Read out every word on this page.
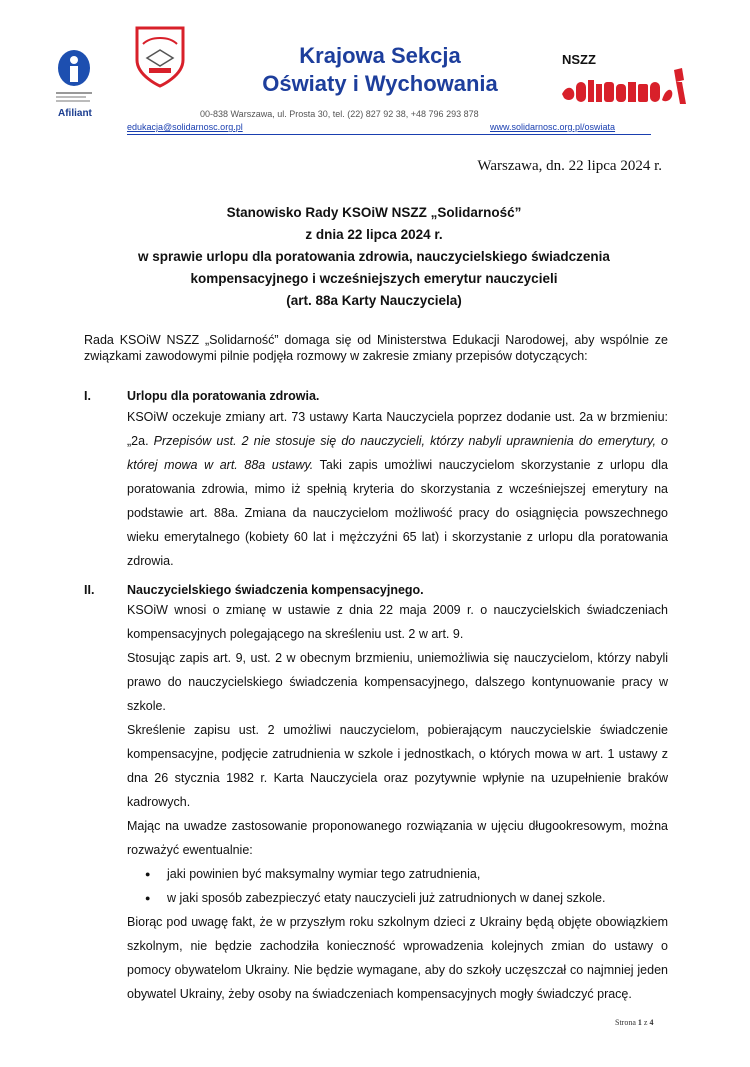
Afiliant
Krajowa Sekcja
Oświaty i Wychowania
NSZZ
00-838 Warszawa, ul. Prosta 30, tel. (22) 827 92 38, +48 796 293 878
edukacja@solidarnosc.org.pl	www.solidarnosc.org.pl/oswiata
Warszawa, dn. 22 lipca 2024 r.
Stanowisko Rady KSOiW NSZZ „Solidarność”
z dnia 22 lipca 2024 r.
w sprawie urlopu dla poratowania zdrowia, nauczycielskiego świadczenia
kompensacyjnego i wcześniejszych emerytur nauczycieli
(art. 88a Karty Nauczyciela)
Rada KSOiW NSZZ „Solidarność” domaga się od Ministerstwa Edukacji Narodowej, aby wspólnie ze związkami zawodowymi pilnie podjęła rozmowy w zakresie zmiany przepisów dotyczących:
I.	Urlopu dla poratowania zdrowia.
KSOiW oczekuje zmiany art. 73 ustawy Karta Nauczyciela poprzez dodanie ust. 2a w brzmieniu: „2a. Przepisów ust. 2 nie stosuje się do nauczycieli, którzy nabyli uprawnienia do emerytury, o której mowa w art. 88a ustawy. Taki zapis umożliwi nauczycielom skorzystanie z urlopu dla poratowania zdrowia, mimo iż spełnią kryteria do skorzystania z wcześniejszej emerytury na podstawie art. 88a. Zmiana da nauczycielom możliwość pracy do osiągnięcia powszechnego wieku emerytalnego (kobiety 60 lat i mężczyźni 65 lat) i skorzystanie z urlopu dla poratowania zdrowia.
II.	Nauczycielskiego świadczenia kompensacyjnego.

KSOiW wnosi o zmianę w ustawie z dnia 22 maja 2009 r. o nauczycielskich świadczeniach kompensacyjnych polegającego na skreśleniu ust. 2 w art. 9.

Stosując zapis art. 9, ust. 2 w obecnym brzmieniu, uniemożliwia się nauczycielom, którzy nabyli prawo do nauczycielskiego świadczenia kompensacyjnego, dalszego kontynuowanie pracy w szkole.

Skreślenie zapisu ust. 2 umożliwi nauczycielom, pobierającym nauczycielskie świadczenie kompensacyjne, podjęcie zatrudnienia w szkole i jednostkach, o których mowa w art. 1 ustawy z dna 26 stycznia 1982 r. Karta Nauczyciela oraz pozytywnie wpłynie na uzupełnienie braków kadrowych.

Mając na uwadze zastosowanie proponowanego rozwiązania w ujęciu długookresowym, można rozważyć ewentualnie:

● jaki powinien być maksymalny wymiar tego zatrudnienia,
● w jaki sposób zabezpieczyć etaty nauczycieli już zatrudnionych w danej szkole.

Biorąc pod uwagę fakt, że w przyszłym roku szkolnym dzieci z Ukrainy będą objęte obowiązkiem szkolnym, nie będzie zachodziła konieczność wprowadzenia kolejnych zmian do ustawy o pomocy obywatelom Ukrainy. Nie będzie wymagane, aby do szkoły uczęszczał co najmniej jeden obywatel Ukrainy, żeby osoby na świadczeniach kompensacyjnych mogły świadczyć pracę.

Strona 1 z 4
